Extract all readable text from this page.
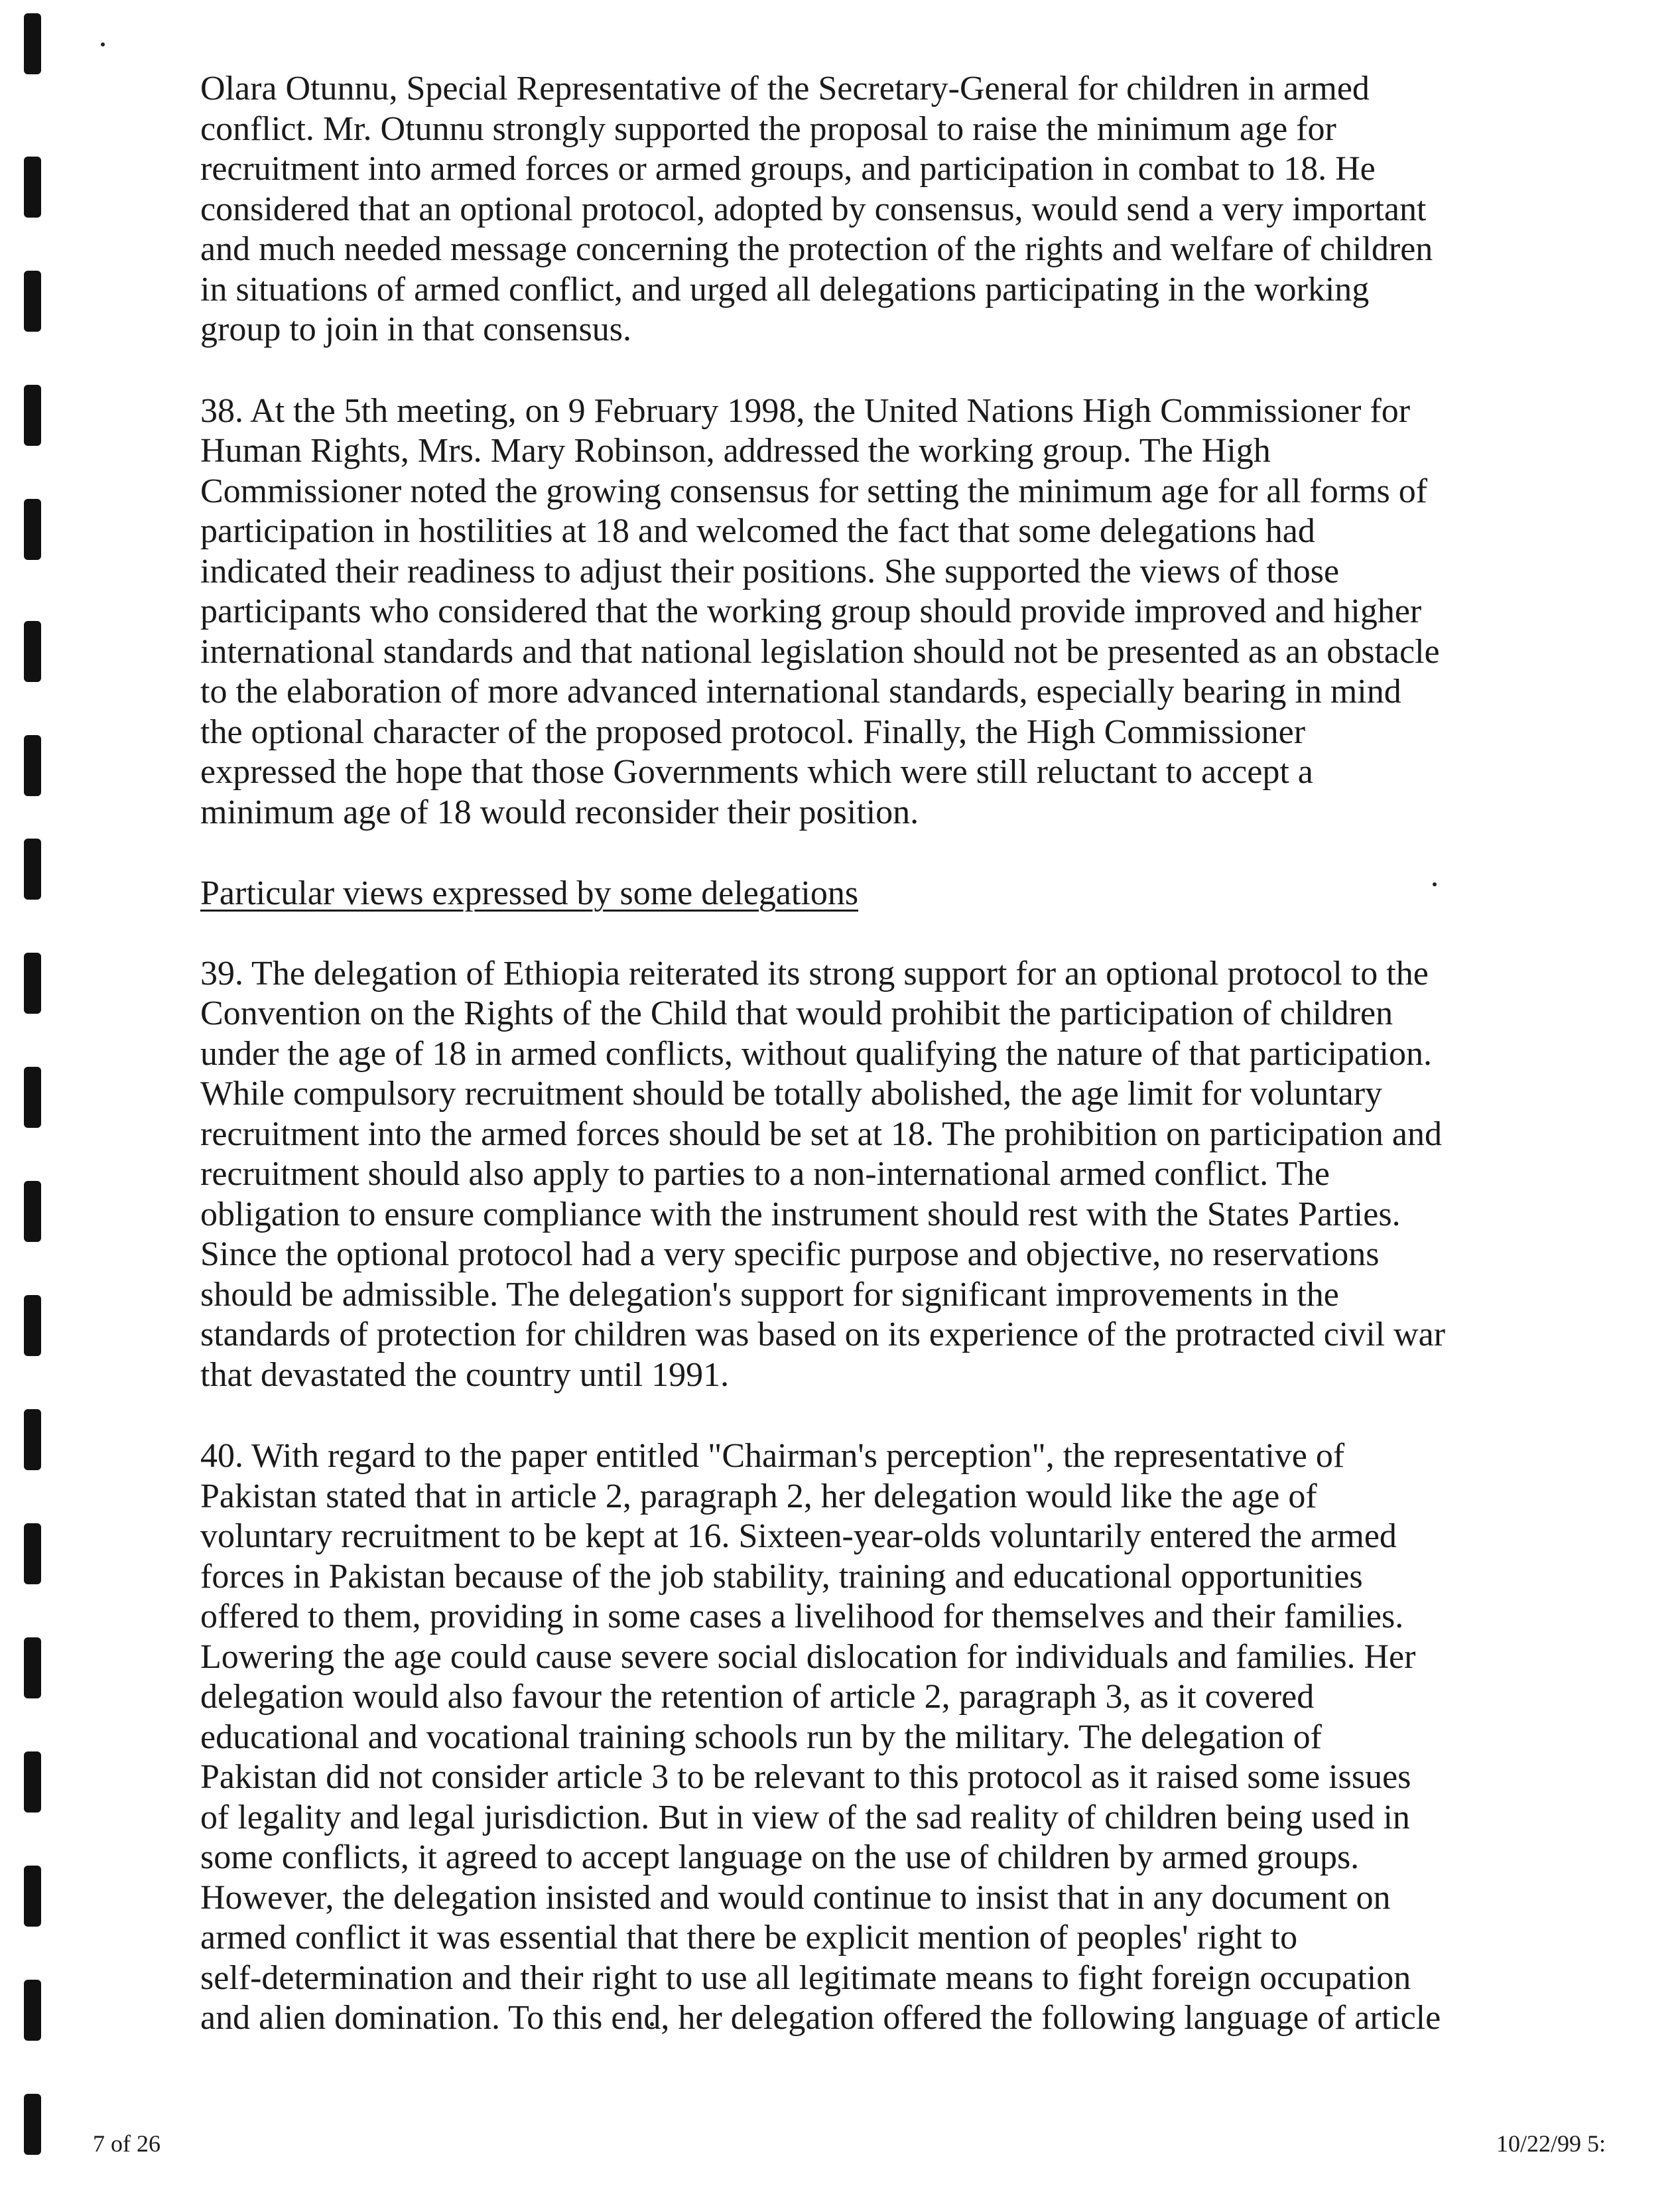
Olara Otunnu, Special Representative of the Secretary-General for children in armed
conflict. Mr. Otunnu strongly supported the proposal to raise the minimum age for
recruitment into armed forces or armed groups, and participation in combat to 18. He
considered that an optional protocol, adopted by consensus, would send a very important
and much needed message concerning the protection of the rights and welfare of children
in situations of armed conflict, and urged all delegations participating in the working
group to join in that consensus.
38. At the 5th meeting, on 9 February 1998, the United Nations High Commissioner for
Human Rights, Mrs. Mary Robinson, addressed the working group. The High
Commissioner noted the growing consensus for setting the minimum age for all forms of
participation in hostilities at 18 and welcomed the fact that some delegations had
indicated their readiness to adjust their positions. She supported the views of those
participants who considered that the working group should provide improved and higher
international standards and that national legislation should not be presented as an obstacle
to the elaboration of more advanced international standards, especially bearing in mind
the optional character of the proposed protocol. Finally, the High Commissioner
expressed the hope that those Governments which were still reluctant to accept a
minimum age of 18 would reconsider their position.
Particular views expressed by some delegations
39. The delegation of Ethiopia reiterated its strong support for an optional protocol to the
Convention on the Rights of the Child that would prohibit the participation of children
under the age of 18 in armed conflicts, without qualifying the nature of that participation.
While compulsory recruitment should be totally abolished, the age limit for voluntary
recruitment into the armed forces should be set at 18. The prohibition on participation and
recruitment should also apply to parties to a non-international armed conflict. The
obligation to ensure compliance with the instrument should rest with the States Parties.
Since the optional protocol had a very specific purpose and objective, no reservations
should be admissible. The delegation's support for significant improvements in the
standards of protection for children was based on its experience of the protracted civil war
that devastated the country until 1991.
40. With regard to the paper entitled "Chairman's perception", the representative of
Pakistan stated that in article 2, paragraph 2, her delegation would like the age of
voluntary recruitment to be kept at 16. Sixteen-year-olds voluntarily entered the armed
forces in Pakistan because of the job stability, training and educational opportunities
offered to them, providing in some cases a livelihood for themselves and their families.
Lowering the age could cause severe social dislocation for individuals and families. Her
delegation would also favour the retention of article 2, paragraph 3, as it covered
educational and vocational training schools run by the military. The delegation of
Pakistan did not consider article 3 to be relevant to this protocol as it raised some issues
of legality and legal jurisdiction. But in view of the sad reality of children being used in
some conflicts, it agreed to accept language on the use of children by armed groups.
However, the delegation insisted and would continue to insist that in any document on
armed conflict it was essential that there be explicit mention of peoples' right to
self-determination and their right to use all legitimate means to fight foreign occupation
and alien domination. To this end, her delegation offered the following language of article
7 of 26	10/22/99 5:
